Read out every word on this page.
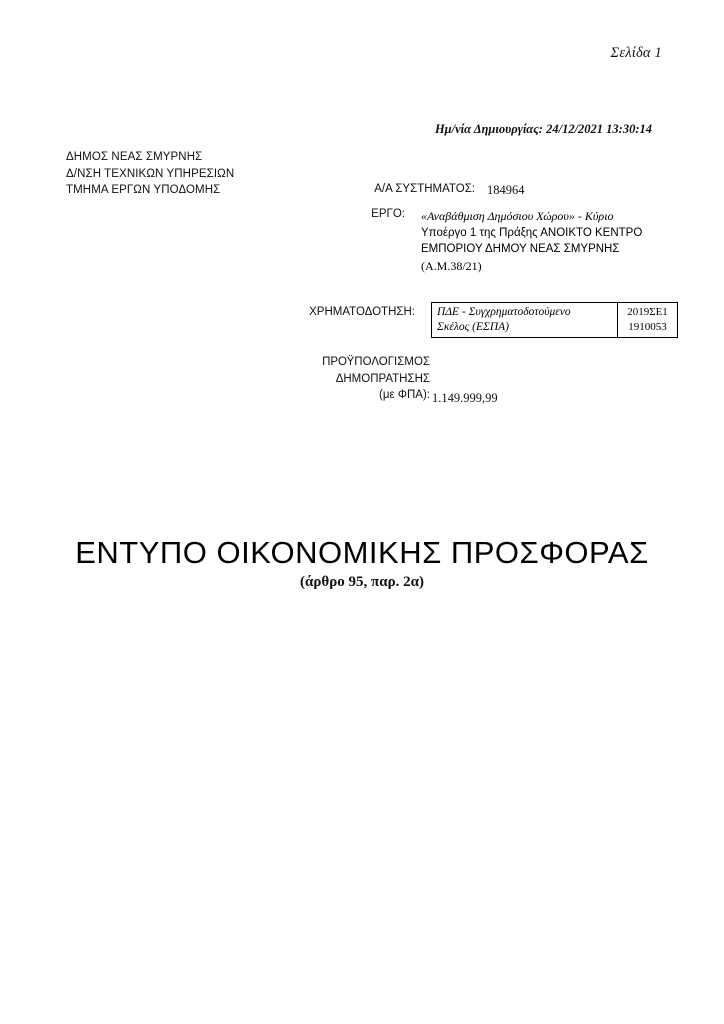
Σελίδα 1
Ημ/νία Δημιουργίας: 24/12/2021 13:30:14
ΔΗΜΟΣ ΝΕΑΣ ΣΜΥΡΝΗΣ
Δ/ΝΣΗ ΤΕΧΝΙΚΩΝ ΥΠΗΡΕΣΙΩΝ
ΤΜΗΜΑ ΕΡΓΩΝ ΥΠΟΔΟΜΗΣ	Α/Α ΣΥΣΤΗΜΑΤΟΣ: 184964
ΕΡΓΟ: «Αναβάθμιση Δημόσιου Χώρου» - Κύριο
Υποέργο 1 της Πράξης ΑΝΟΙΚΤΟ ΚΕΝΤΡΟ
ΕΜΠΟΡΙΟΥ ΔΗΜΟΥ ΝΕΑΣ ΣΜΥΡΝΗΣ
(Α.Μ.38/21)
ΧΡΗΜΑΤΟΔΟΤΗΣΗ: ΠΔΕ - Συγχρηματοδοτούμενο
Σκέλος (ΕΣΠΑ)
2019ΣΕ1
1910053
ΠΡΟΫΠΟΛΟΓΙΣΜΟΣ
ΔΗΜΟΠΡΑΤΗΣΗΣ
(με ΦΠΑ): 1.149.999,99
ΕΝΤΥΠΟ ΟΙΚΟΝΟΜΙΚΗΣ ΠΡΟΣΦΟΡΑΣ
(άρθρο 95, παρ. 2α)
